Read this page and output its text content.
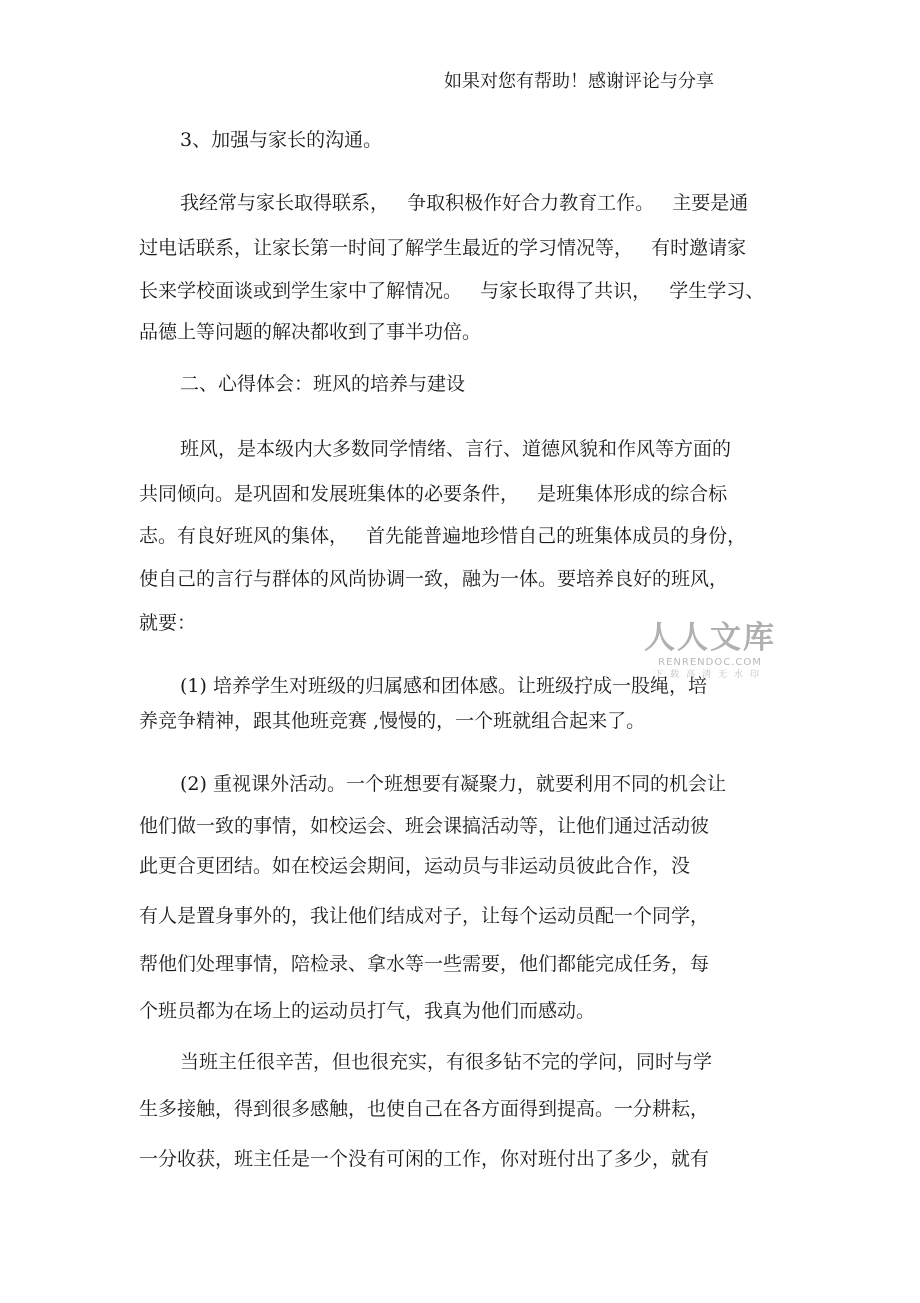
如果对您有帮助！感谢评论与分享
3、加强与家长的沟通。
我经常与家长取得联系，   争取积极作好合力教育工作。   主要是通
过电话联系，让家长第一时间了解学生最近的学习情况等，   有时邀请家
长来学校面谈或到学生家中了解情况。   与家长取得了共识，   学生学习、
品德上等问题的解决都收到了事半功倍。
二、心得体会：班风的培养与建设
班风，是本级内大多数同学情绪、言行、道德风貌和作风等方面的
共同倾向。是巩固和发展班集体的必要条件，   是班集体形成的综合标
志。有良好班风的集体，   首先能普遍地珍惜自己的班集体成员的身份，
使自己的言行与群体的风尚协调一致，融为一体。要培养良好的班风，
就要：
(1) 培养学生对班级的归属感和团体感。让班级拧成一股绳，培
养竞争精神，跟其他班竞赛 ,慢慢的，一个班就组合起来了。
(2) 重视课外活动。一个班想要有凝聚力，就要利用不同的机会让
他们做一致的事情，如校运会、班会课搞活动等，让他们通过活动彼
此更合更团结。如在校运会期间，运动员与非运动员彼此合作，没
有人是置身事外的，我让他们结成对子，让每个运动员配一个同学，
帮他们处理事情，陪检录、拿水等一些需要，他们都能完成任务，每
个班员都为在场上的运动员打气，我真为他们而感动。
当班主任很辛苦，但也很充实，有很多钻不完的学问，同时与学
生多接触，得到很多感触，也使自己在各方面得到提高。一分耕耘，
一分收获，班主任是一个没有可闲的工作，你对班付出了多少，就有
人人文库
RENRENDOC.COM
下载高清无水印
